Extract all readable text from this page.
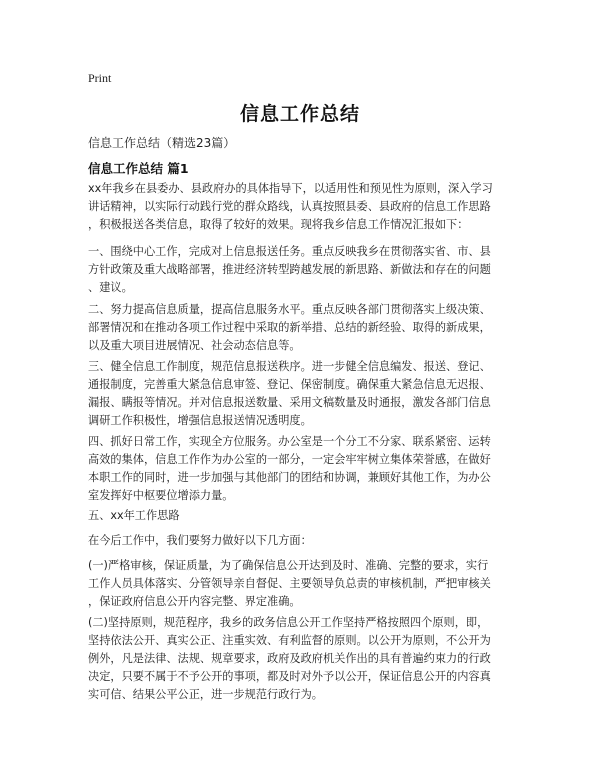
Print
信息工作总结
信息工作总结（精选23篇）
信息工作总结 篇1
xx年我乡在县委办、县政府办的具体指导下，以适用性和预见性为原则，深入学习
讲话精神，以实际行动践行党的群众路线，认真按照县委、县政府的信息工作思路
，积极报送各类信息，取得了较好的效果。现将我乡信息工作情况汇报如下：
一、围绕中心工作，完成对上信息报送任务。重点反映我乡在贯彻落实省、市、县
方针政策及重大战略部署，推进经济转型跨越发展的新思路、新做法和存在的问题
、建议。
二、努力提高信息质量，提高信息服务水平。重点反映各部门贯彻落实上级决策、
部署情况和在推动各项工作过程中采取的新举措、总结的新经验、取得的新成果，
以及重大项目进展情况、社会动态信息等。
三、健全信息工作制度，规范信息报送秩序。进一步健全信息编发、报送、登记、
通报制度，完善重大紧急信息审签、登记、保密制度。确保重大紧急信息无迟报、
漏报、瞒报等情况。并对信息报送数量、采用文稿数量及时通报，激发各部门信息
调研工作积极性，增强信息报送情况透明度。
四、抓好日常工作，实现全方位服务。办公室是一个分工不分家、联系紧密、运转
高效的集体，信息工作作为办公室的一部分，一定会牢牢树立集体荣誉感，在做好
本职工作的同时，进一步加强与其他部门的团结和协调，兼顾好其他工作，为办公
室发挥好中枢要位增添力量。
五、xx年工作思路
在今后工作中，我们要努力做好以下几方面：
(一)严格审核，保证质量，为了确保信息公开达到及时、准确、完整的要求，实行
工作人员具体落实、分管领导亲自督促、主要领导负总责的审核机制，严把审核关
，保证政府信息公开内容完整、界定准确。
(二)坚持原则，规范程序，我乡的政务信息公开工作坚持严格按照四个原则，即，
坚持依法公开、真实公正、注重实效、有利监督的原则。以公开为原则，不公开为
例外，凡是法律、法规、规章要求，政府及政府机关作出的具有普遍约束力的行政
决定，只要不属于不予公开的事项，都及时对外予以公开，保证信息公开的内容真
实可信、结果公平公正，进一步规范行政行为。
